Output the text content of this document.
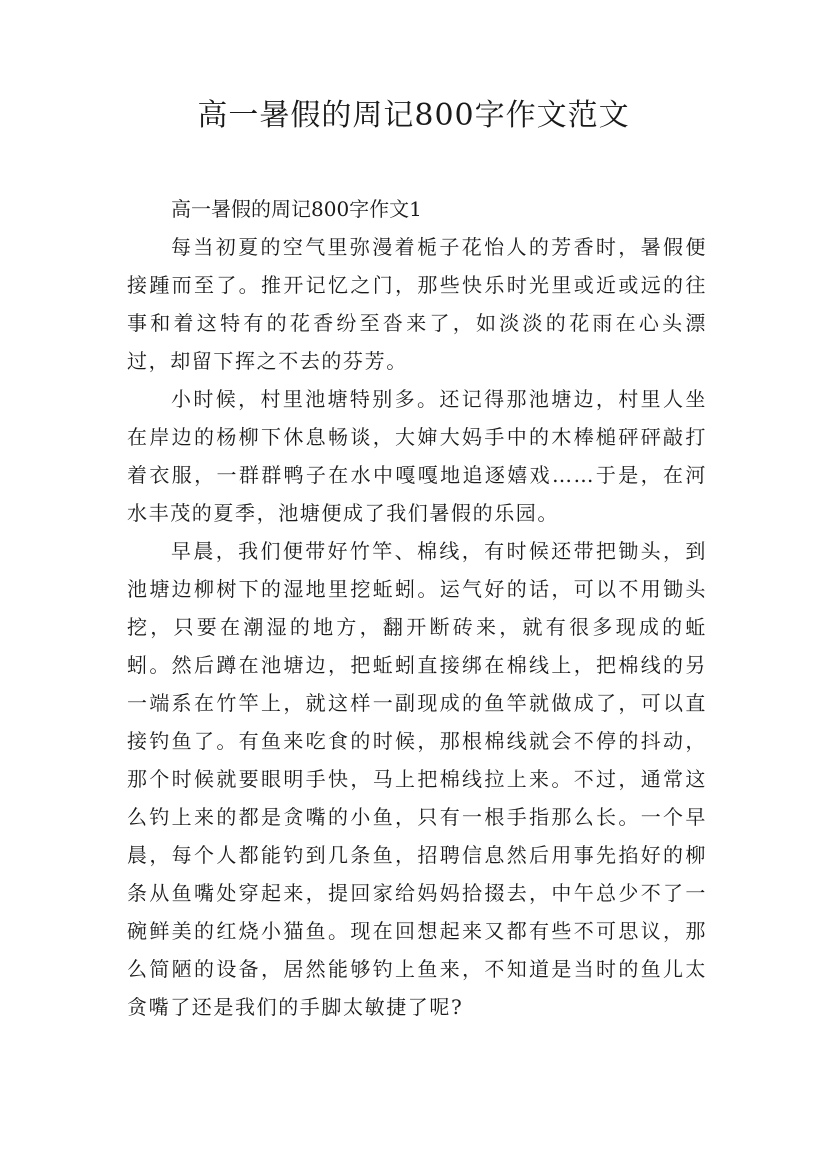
高一暑假的周记800字作文范文
高一暑假的周记800字作文1

每当初夏的空气里弥漫着栀子花怡人的芳香时，暑假便接踵而至了。推开记忆之门，那些快乐时光里或近或远的往事和着这特有的花香纷至沓来了，如淡淡的花雨在心头漂过，却留下挥之不去的芬芳。

小时候，村里池塘特别多。还记得那池塘边，村里人坐在岸边的杨柳下休息畅谈，大婶大妈手中的木棒槌砰砰敲打着衣服，一群群鸭子在水中嘎嘎地追逐嬉戏……于是，在河水丰茂的夏季，池塘便成了我们暑假的乐园。

早晨，我们便带好竹竿、棉线，有时候还带把锄头，到池塘边柳树下的湿地里挖蚯蚓。运气好的话，可以不用锄头挖，只要在潮湿的地方，翻开断砖来，就有很多现成的蚯蚓。然后蹲在池塘边，把蚯蚓直接绑在棉线上，把棉线的另一端系在竹竿上，就这样一副现成的鱼竿就做成了，可以直接钓鱼了。有鱼来吃食的时候，那根棉线就会不停的抖动，那个时候就要眼明手快，马上把棉线拉上来。不过，通常这么钓上来的都是贪嘴的小鱼，只有一根手指那么长。一个早晨，每个人都能钓到几条鱼，招聘信息然后用事先掐好的柳条从鱼嘴处穿起来，提回家给妈妈拾掇去，中午总少不了一碗鲜美的红烧小猫鱼。现在回想起来又都有些不可思议，那么简陋的设备，居然能够钓上鱼来，不知道是当时的鱼儿太贪嘴了还是我们的手脚太敏捷了呢?
